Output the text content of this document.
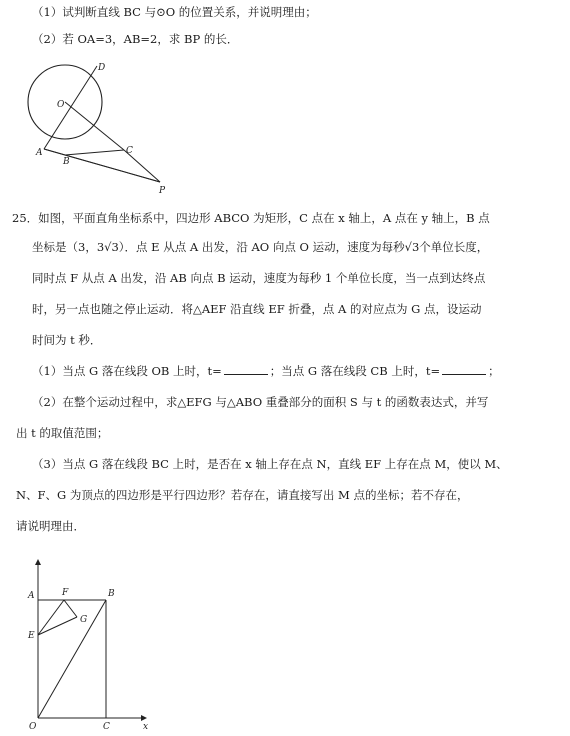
（1）试判断直线 BC 与⊙O 的位置关系，并说明理由；
（2）若 OA=3，AB=2，求 BP 的长．
D
O
C
A
B
P
25．如图，平面直角坐标系中，四边形 ABCO 为矩形，C 点在 x 轴上，A 点在 y 轴上，B 点
坐标是（3，3√3）．点 E 从点 A 出发，沿 AO 向点 O 运动，速度为每秒√3个单位长度，
同时点 F 从点 A 出发，沿 AB 向点 B 运动，速度为每秒 1 个单位长度，当一点到达终点
时，另一点也随之停止运动．将△AEF 沿直线 EF 折叠，点 A 的对应点为 G 点，设运动
时间为 t 秒．
（1）当点 G 落在线段 OB 上时，t=	；当点 G 落在线段 CB 上时，t=	；
（2）在整个运动过程中，求△EFG 与△ABO 重叠部分的面积 S 与 t 的函数表达式，并写
出 t 的取值范围；
（3）当点 G 落在线段 BC 上时，是否在 x 轴上存在点 N，直线 EF 上存在点 M，使以 M、
N、F、G 为顶点的四边形是平行四边形？若存在，请直接写出 M 点的坐标；若不存在，
请说明理由．
A	F	B
G
E
O	C	x
